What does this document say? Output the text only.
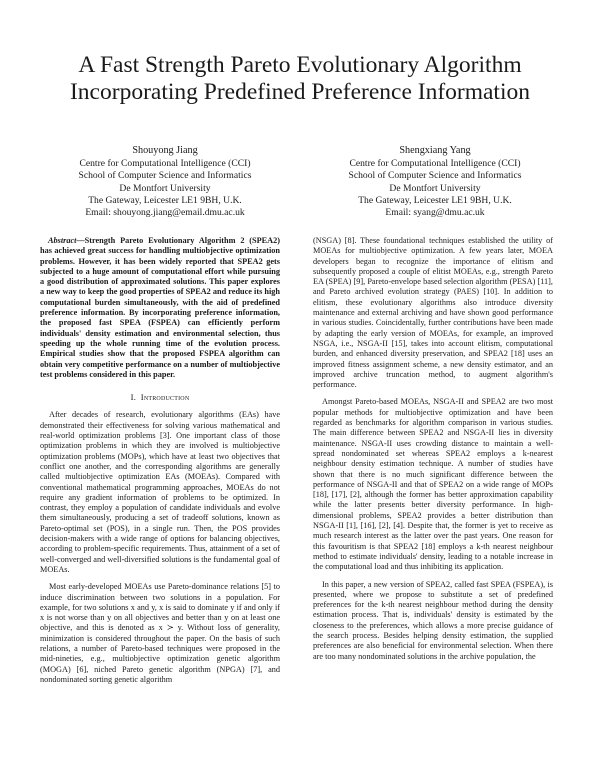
A Fast Strength Pareto Evolutionary Algorithm
Incorporating Predefined Preference Information
Shouyong Jiang
Centre for Computational Intelligence (CCI)
School of Computer Science and Informatics
De Montfort University
The Gateway, Leicester LE1 9BH, U.K.
Email: shouyong.jiang@email.dmu.ac.uk
Shengxiang Yang
Centre for Computational Intelligence (CCI)
School of Computer Science and Informatics
De Montfort University
The Gateway, Leicester LE1 9BH, U.K.
Email: syang@dmu.ac.uk

Abstract—Strength Pareto Evolutionary Algorithm 2 (SPEA2) has achieved great success for handling multiobjective optimization problems. However, it has been widely reported that SPEA2 gets subjected to a huge amount of computational effort while pursuing a good distribution of approximated solutions. This paper explores a new way to keep the good properties of SPEA2 and reduce its high computational burden simultaneously, with the aid of predefined preference information. By incorporating preference information, the proposed fast SPEA (FSPEA) can efficiently perform individuals' density estimation and environmental selection, thus speeding up the whole running time of the evolution process. Empirical studies show that the proposed FSPEA algorithm can obtain very competitive performance on a number of multiobjective test problems considered in this paper.

I. Introduction

After decades of research, evolutionary algorithms (EAs) have demonstrated their effectiveness for solving various mathematical and real-world optimization problems [3]. One important class of those optimization problems in which they are involved is multiobjective optimization problems (MOPs), which have at least two objectives that conflict one another, and the corresponding algorithms are generally called multiobjective optimization EAs (MOEAs). Compared with conventional mathematical programming approaches, MOEAs do not require any gradient information of problems to be optimized. In contrast, they employ a population of candidate individuals and evolve them simultaneously, producing a set of tradeoff solutions, known as Pareto-optimal set (POS), in a single run. Then, the POS provides decision-makers with a wide range of options for balancing objectives, according to problem-specific requirements. Thus, attainment of a set of well-converged and well-diversified solutions is the fundamental goal of MOEAs.

Most early-developed MOEAs use Pareto-dominance relations [5] to induce discrimination between two solutions in a population. For example, for two solutions x and y, x is said to dominate y if and only if x is not worse than y on all objectives and better than y on at least one objective, and this is denoted as x ≻ y. Without loss of generality, minimization is considered throughout the paper. On the basis of such relations, a number of Pareto-based techniques were proposed in the mid-nineties, e.g., multiobjective optimization genetic algorithm (MOGA) [6], niched Pareto genetic algorithm (NPGA) [7], and nondominated sorting genetic algorithm

(NSGA) [8]. These foundational techniques established the utility of MOEAs for multiobjective optimization. A few years later, MOEA developers began to recognize the importance of elitism and subsequently proposed a couple of elitist MOEAs, e.g., strength Pareto EA (SPEA) [9], Pareto-envelope based selection algorithm (PESA) [11], and Pareto archived evolution strategy (PAES) [10]. In addition to elitism, these evolutionary algorithms also introduce diversity maintenance and external archiving and have shown good performance in various studies. Coincidentally, further contributions have been made by adapting the early version of MOEAs, for example, an improved NSGA, i.e., NSGA-II [15], takes into account elitism, computational burden, and enhanced diversity preservation, and SPEA2 [18] uses an improved fitness assignment scheme, a new density estimator, and an improved archive truncation method, to augment algorithm's performance.

Amongst Pareto-based MOEAs, NSGA-II and SPEA2 are two most popular methods for multiobjective optimization and have been regarded as benchmarks for algorithm comparison in various studies. The main difference between SPEA2 and NSGA-II lies in diversity maintenance. NSGA-II uses crowding distance to maintain a well-spread nondominated set whereas SPEA2 employs a k-nearest neighbour density estimation technique. A number of studies have shown that there is no much significant difference between the performance of NSGA-II and that of SPEA2 on a wide range of MOPs [18], [17], [2], although the former has better approximation capability while the latter presents better diversity performance. In high-dimensional problems, SPEA2 provides a better distribution than NSGA-II [1], [16], [2], [4]. Despite that, the former is yet to receive as much research interest as the latter over the past years. One reason for this favouritism is that SPEA2 [18] employs a k-th nearest neighbour method to estimate individuals' density, leading to a notable increase in the computational load and thus inhibiting its application.

In this paper, a new version of SPEA2, called fast SPEA (FSPEA), is presented, where we propose to substitute a set of predefined preferences for the k-th nearest neighbour method during the density estimation process. That is, individuals' density is estimated by the closeness to the preferences, which allows a more precise guidance of the search process. Besides helping density estimation, the supplied preferences are also beneficial for environmental selection. When there are too many nondominated solutions in the archive population, the
